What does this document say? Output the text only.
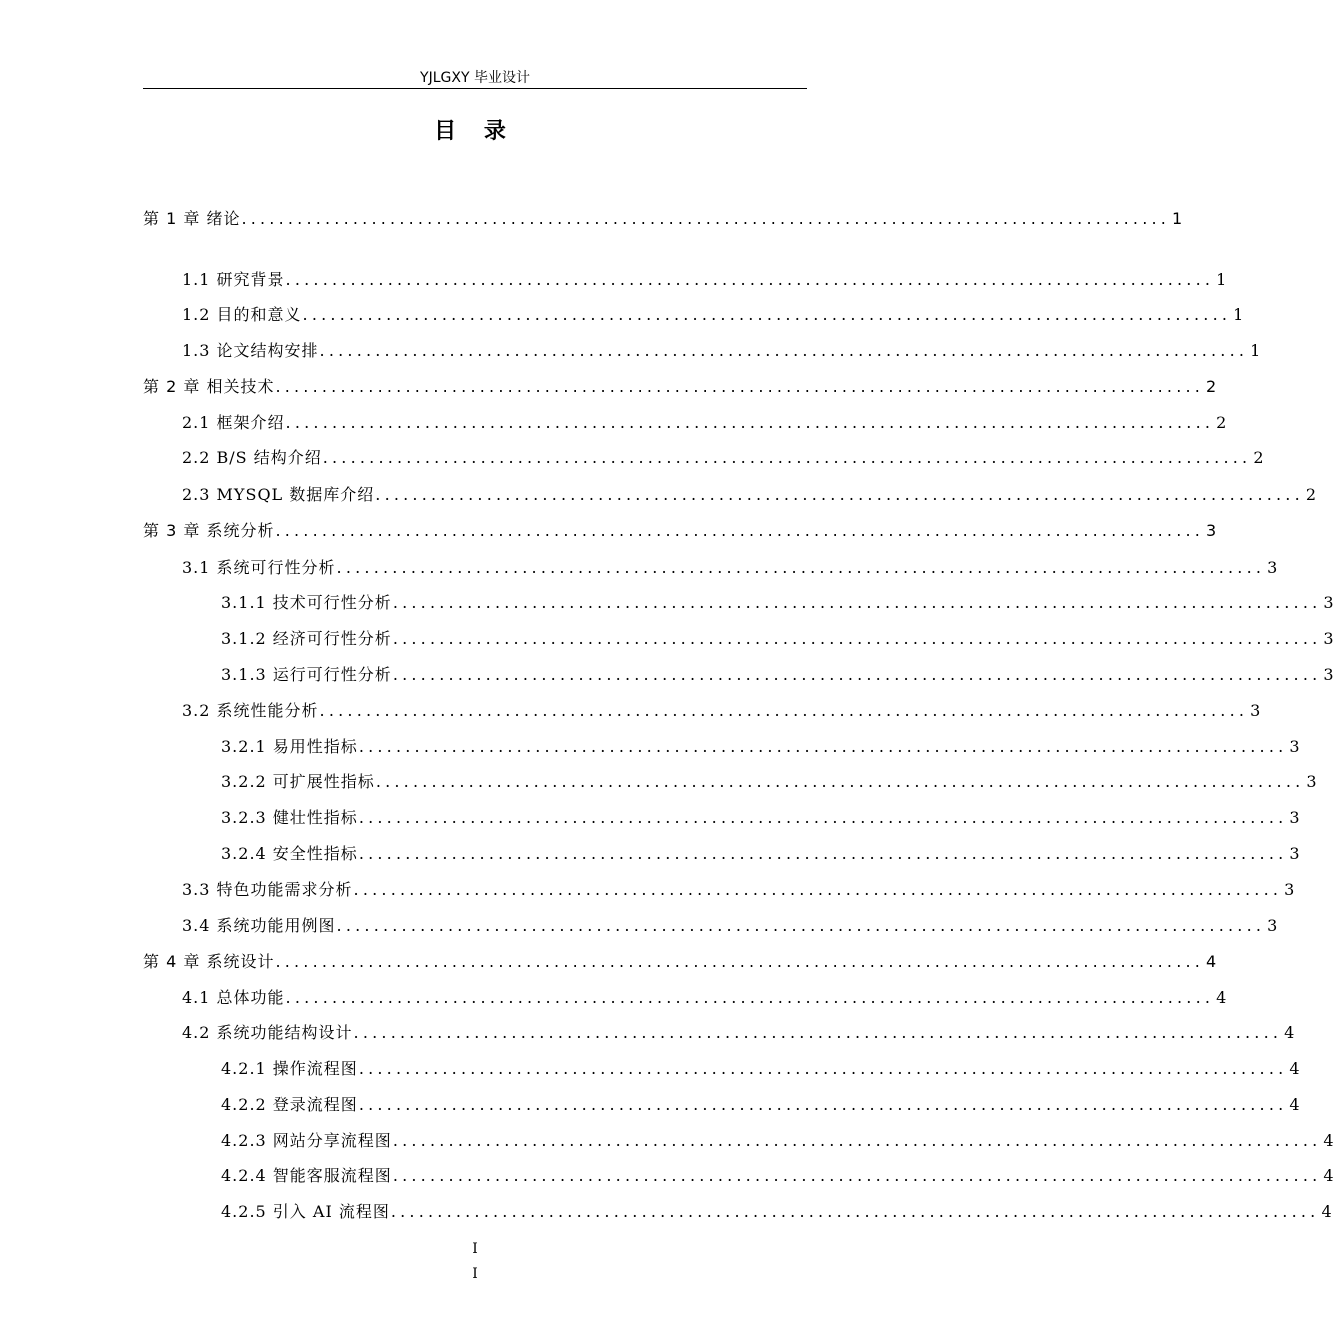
YJLGXY 毕业设计
目 录
第 1 章 绪论 .................................................................................................... 1
1.1 研究背景 .................................................................................................... 1
1.2 目的和意义 .................................................................................................... 1
1.3 论文结构安排 .................................................................................................... 1
第 2 章 相关技术 .................................................................................................... 2
2.1 框架介绍 .................................................................................................... 2
2.2 B/S 结构介绍 .................................................................................................... 2
2.3 MYSQL 数据库介绍 .................................................................................................... 2
第 3 章 系统分析 .................................................................................................... 3
3.1 系统可行性分析 .................................................................................................... 3
3.1.1 技术可行性分析 .................................................................................................... 3
3.1.2 经济可行性分析 .................................................................................................... 3
3.1.3 运行可行性分析 .................................................................................................... 3
3.2 系统性能分析 .................................................................................................... 3
3.2.1 易用性指标 .................................................................................................... 3
3.2.2 可扩展性指标 .................................................................................................... 3
3.2.3 健壮性指标 .................................................................................................... 3
3.2.4 安全性指标 .................................................................................................... 3
3.3 特色功能需求分析 .................................................................................................... 3
3.4 系统功能用例图 .................................................................................................... 3
第 4 章 系统设计 .................................................................................................... 4
4.1 总体功能 .................................................................................................... 4
4.2 系统功能结构设计 .................................................................................................... 4
4.2.1 操作流程图 .................................................................................................... 4
4.2.2 登录流程图 .................................................................................................... 4
4.2.3 网站分享流程图 .................................................................................................... 4
4.2.4 智能客服流程图 .................................................................................................... 4
4.2.5 引入 AI 流程图 .................................................................................................... 4
I
I
